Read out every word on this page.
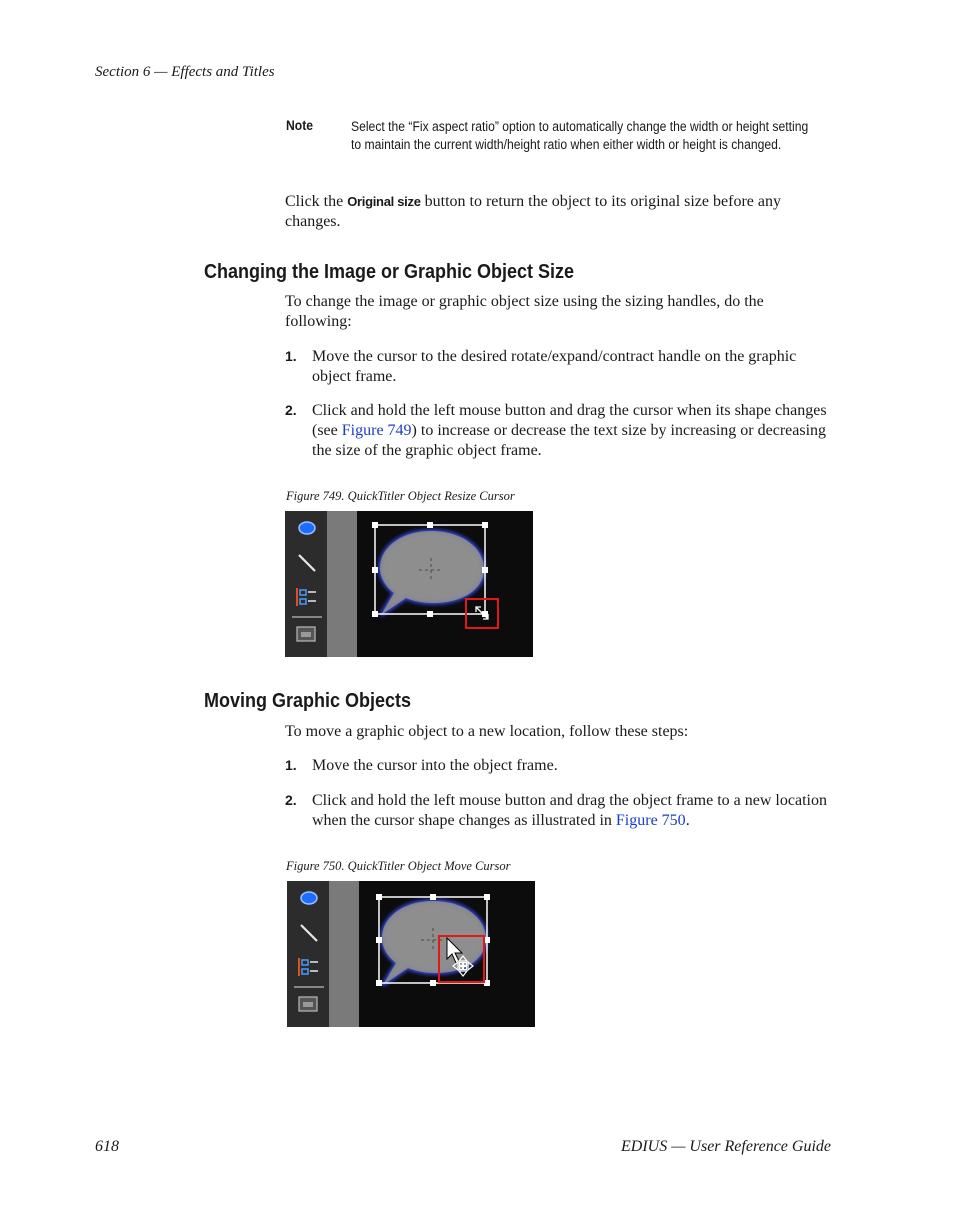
Section 6 — Effects and Titles
Note	Select the “Fix aspect ratio” option to automatically change the width or height setting to maintain the current width/height ratio when either width or height is changed.
Click the Original size button to return the object to its original size before any changes.
Changing the Image or Graphic Object Size
To change the image or graphic object size using the sizing handles, do the following:
1. Move the cursor to the desired rotate/expand/contract handle on the graphic object frame.
2. Click and hold the left mouse button and drag the cursor when its shape changes (see Figure 749) to increase or decrease the text size by increasing or decreasing the size of the graphic object frame.
Figure 749. QuickTitler Object Resize Cursor
Moving Graphic Objects
To move a graphic object to a new location, follow these steps:
1. Move the cursor into the object frame.
2. Click and hold the left mouse button and drag the object frame to a new location when the cursor shape changes as illustrated in Figure 750.
Figure 750. QuickTitler Object Move Cursor
618	EDIUS — User Reference Guide
